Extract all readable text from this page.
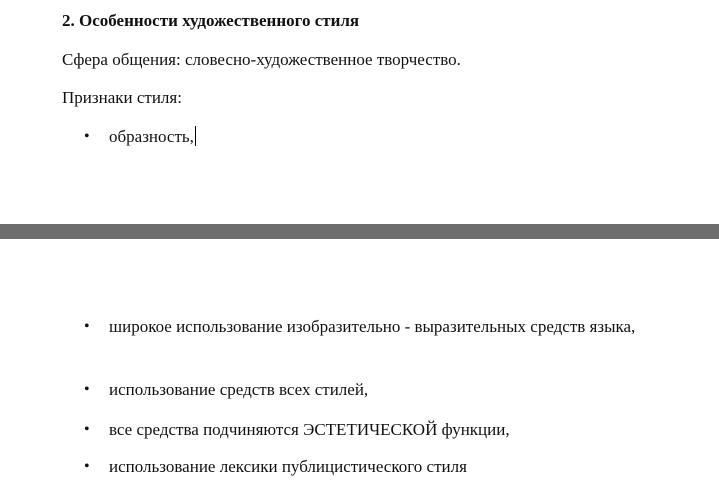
2. Особенности художественного стиля

Сфера общения: словесно-художественное творчество.

Признаки стиля:

•	образность,
•	широкое использование изобразительно - выразительных средств языка,
•	использование средств всех стилей,
•	все средства подчиняются ЭСТЕТИЧЕСКОЙ функции,
•	использование лексики публицистического стиля
